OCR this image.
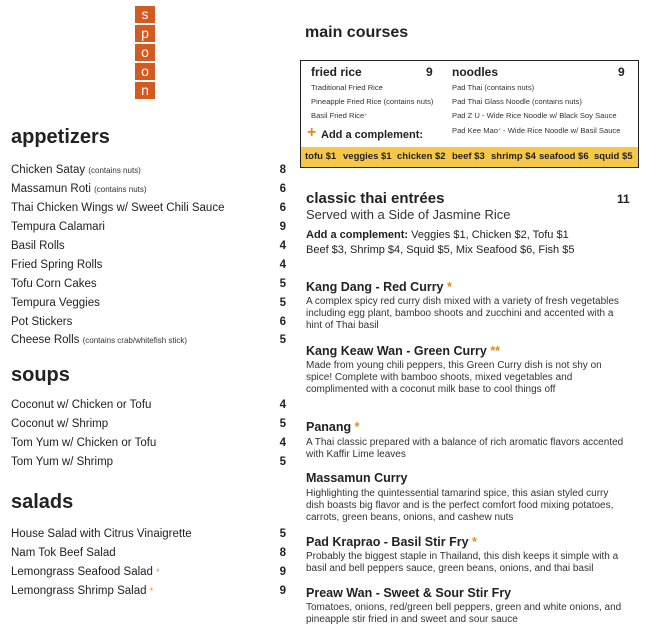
s
p
o
o
n
appetizers
Chicken Satay (contains nuts)	8
Massamun Roti (contains nuts)	6
Thai Chicken Wings w/ Sweet Chili Sauce	6
Tempura Calamari	9
Basil Rolls	4
Fried Spring Rolls	4
Tofu Corn Cakes	5
Tempura Veggies	5
Pot Stickers	6
Cheese Rolls (contains crab/whitefish stick)	5
soups
Coconut w/ Chicken or Tofu	4
Coconut w/ Shrimp	5
Tom Yum w/ Chicken or Tofu	4
Tom Yum w/ Shrimp	5
salads
House Salad with Citrus Vinaigrette	5
Nam Tok Beef Salad	8
Lemongrass Seafood Salad *	9
Lemongrass Shrimp Salad *	9
main courses
fried rice	9
Traditional Fried Rice
Pineapple Fried Rice (contains nuts)
Basil Fried Rice*
noodles	9
Pad Thai (contains nuts)
Pad Thai Glass Noodle (contains nuts)
Pad Z U - Wide Rice Noodle w/ Black Soy Sauce
Pad Kee Mao* - Wide Rice Noodle w/ Basil Sauce
+ Add a complement:
tofu $1 veggies $1 chicken $2 beef $3 shrimp $4 seafood $6 squid $5
classic thai entrées	11
Served with a Side of Jasmine Rice
Add a complement: Veggies $1, Chicken $2, Tofu $1
Beef $3, Shrimp $4, Squid $5, Mix Seafood $6, Fish $5
Kang Dang - Red Curry *
A complex spicy red curry dish mixed with a variety of fresh vegetables including egg plant, bamboo shoots and zucchini and accented with a hint of Thai basil
Kang Keaw Wan - Green Curry **
Made from young chili peppers, this Green Curry dish is not shy on spice! Complete with bamboo shoots, mixed vegetables and complimented with a coconut milk base to cool things off
Panang *
A Thai classic prepared with a balance of rich aromatic flavors accented with Kaffir Lime leaves
Massamun Curry
Highlighting the quintessential tamarind spice, this asian styled curry dish boasts big flavor and is the perfect comfort food mixing potatoes, carrots, green beans, onions, and cashew nuts
Pad Kraprao - Basil Stir Fry *
Probably the biggest staple in Thailand, this dish keeps it simple with a basil and bell peppers sauce, green beans, onions, and thai basil
Preaw Wan - Sweet & Sour Stir Fry
Tomatoes, onions, red/green bell peppers, green and white onions, and pineapple stir fried in and sweet and sour sauce
